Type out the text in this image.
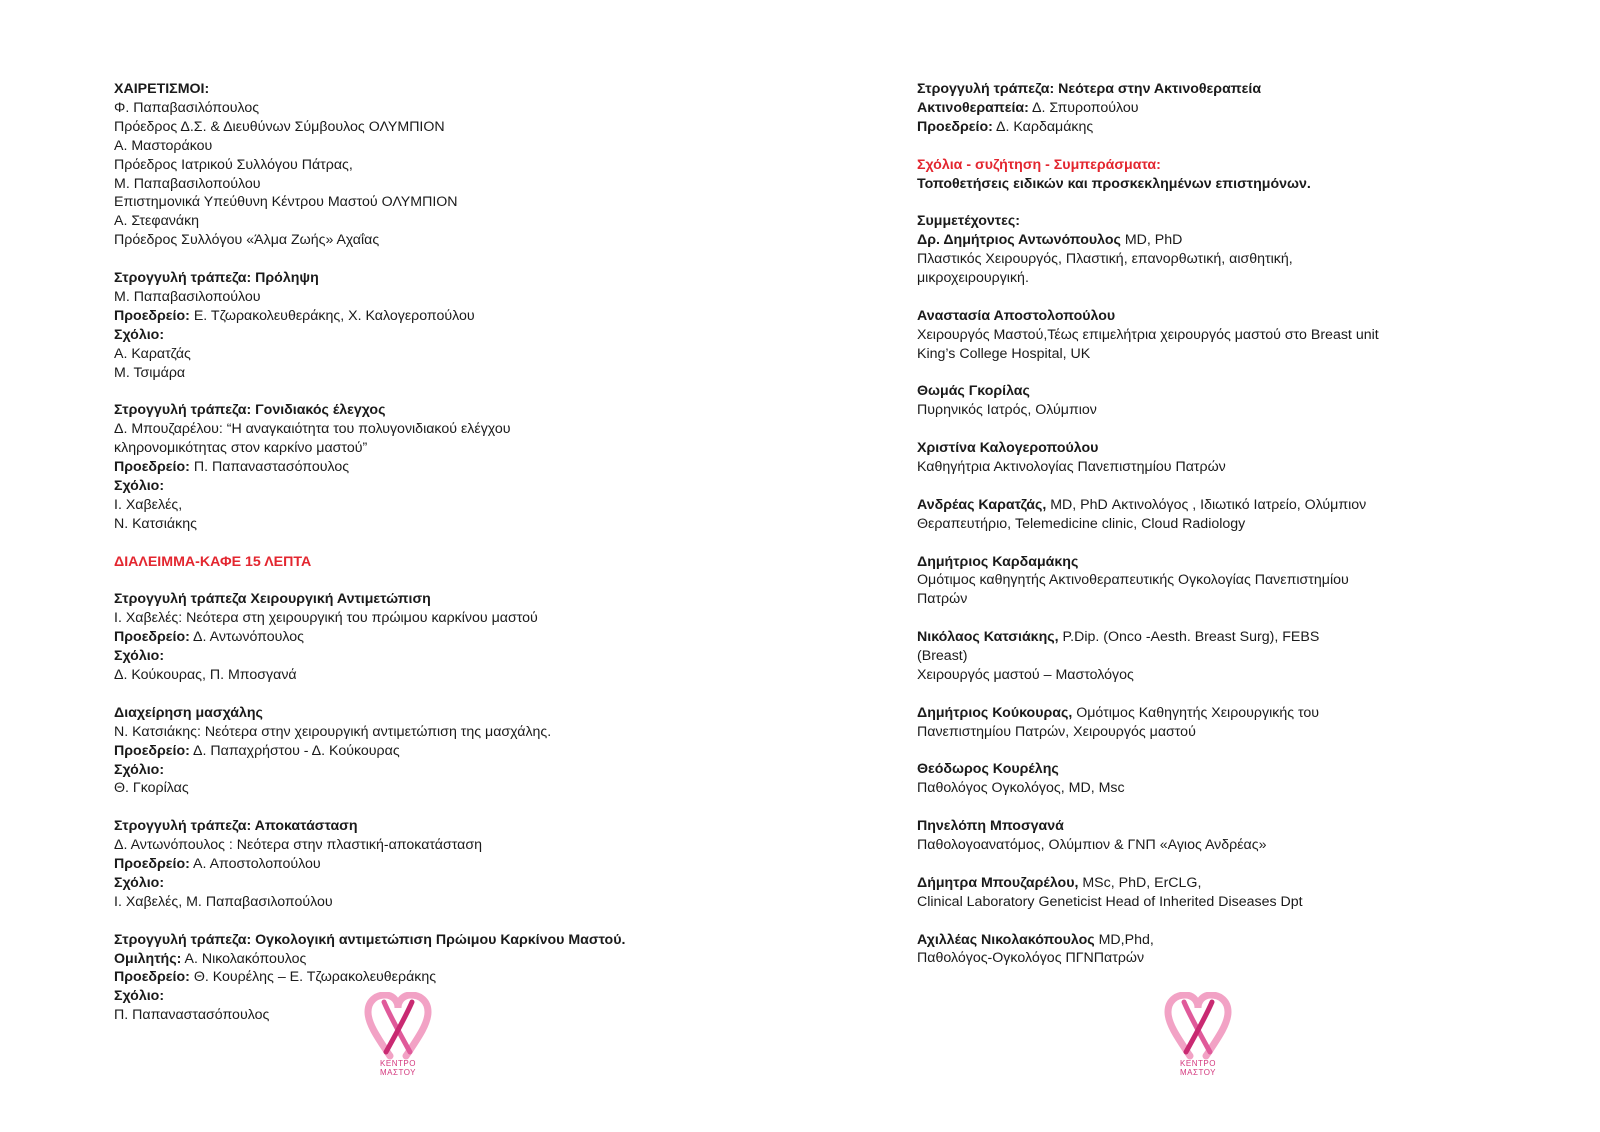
ΧΑΙΡΕΤΙΣΜΟΙ:
Φ. Παπαβασιλόπουλος
Πρόεδρος Δ.Σ. & Διευθύνων Σύμβουλος ΟΛΥΜΠΙΟΝ
Α. Μαστοράκου
Πρόεδρος Ιατρικού Συλλόγου Πάτρας,
Μ. Παπαβασιλοπούλου
Επιστημονικά Υπεύθυνη Κέντρου Μαστού ΟΛΥΜΠΙΟΝ
Α. Στεφανάκη
Πρόεδρος Συλλόγου «Άλμα Ζωής» Αχαΐας
Στρογγυλή τράπεζα: Πρόληψη
Μ. Παπαβασιλοπούλου
Προεδρείο: Ε. Τζωρακολευθεράκης, Χ. Καλογεροπούλου
Σχόλιο:
Α. Καρατζάς
Μ. Τσιμάρα
Στρογγυλή τράπεζα: Γονιδιακός έλεγχος
Δ. Μπουζαρέλου: “Η αναγκαιότητα του πολυγονιδιακού ελέγχου
κληρονομικότητας στον καρκίνο μαστού”
Προεδρείο: Π. Παπαναστασόπουλος
Σχόλιο:
Ι. Χαβελές,
Ν. Κατσιάκης
ΔΙΑΛΕΙΜΜΑ-ΚΑΦΕ 15 ΛΕΠΤΑ
Στρογγυλή τράπεζα Χειρουργική Αντιμετώπιση
Ι. Χαβελές: Νεότερα στη χειρουργική του πρώιμου καρκίνου μαστού
Προεδρείο: Δ. Αντωνόπουλος
Σχόλιο:
Δ. Κούκουρας, Π. Μποσγανά
Διαχείρηση μασχάλης
Ν. Κατσιάκης: Νεότερα στην χειρουργική αντιμετώπιση της μασχάλης.
Προεδρείο: Δ. Παπαχρήστου - Δ. Κούκουρας
Σχόλιο:
Θ. Γκορίλας
Στρογγυλή τράπεζα: Αποκατάσταση
Δ. Αντωνόπουλος : Νεότερα στην πλαστική-αποκατάσταση
Προεδρείο: Α. Αποστολοπούλου
Σχόλιο:
Ι. Χαβελές, Μ. Παπαβασιλοπούλου
Στρογγυλή τράπεζα: Ογκολογική αντιμετώπιση Πρώιμου Καρκίνου Μαστού.
Ομιλητής: Α. Νικολακόπουλος
Προεδρείο: Θ. Κουρέλης – Ε. Τζωρακολευθεράκης
Σχόλιο:
Π. Παπαναστασόπουλος
Στρογγυλή τράπεζα: Νεότερα στην Ακτινοθεραπεία
Ακτινοθεραπεία: Δ. Σπυροπούλου
Προεδρείο: Δ. Καρδαμάκης
Σχόλια - συζήτηση - Συμπεράσματα:
Τοποθετήσεις ειδικών και προσκεκλημένων επιστημόνων.
Συμμετέχοντες:
Δρ. Δημήτριος Αντωνόπουλος MD, PhD
Πλαστικός Χειρουργός, Πλαστική, επανορθωτική, αισθητική,
μικροχειρουργική.
Αναστασία Αποστολοπούλου
Χειρουργός Μαστού,Τέως επιμελήτρια χειρουργός μαστού στο Breast unit
King’s College Hospital, UK
Θωμάς Γκορίλας
Πυρηνικός Ιατρός, Ολύμπιον
Χριστίνα Καλογεροπούλου
Καθηγήτρια Ακτινολογίας Πανεπιστημίου Πατρών
Ανδρέας Καρατζάς, MD, PhD Ακτινολόγος , Ιδιωτικό Ιατρείο, Ολύμπιον
Θεραπευτήριο, Telemedicine clinic, Cloud Radiology
Δημήτριος Καρδαμάκης
Ομότιμος καθηγητής Ακτινοθεραπευτικής Ογκολογίας Πανεπιστημίου
Πατρών
Νικόλαος Κατσιάκης, P.Dip. (Onco -Aesth. Breast Surg), FEBS
(Breast)
Χειρουργός μαστού – Μαστολόγος
Δημήτριος Κούκουρας, Ομότιμος Καθηγητής Χειρουργικής του
Πανεπιστημίου Πατρών, Χειρουργός μαστού
Θεόδωρος Κουρέλης
Παθολόγος Ογκολόγος, MD, Msc
Πηνελόπη Μποσγανά
Παθολογοανατόμος, Ολύμπιον & ΓΝΠ «Αγιος Ανδρέας»
Δήμητρα Μπουζαρέλου, MSc, PhD, ErCLG,
Clinical Laboratory Geneticist Head of Inherited Diseases Dpt
Αχιλλέας Νικολακόπουλος MD,Phd,
Παθολόγος-Ογκολόγος ΠΓΝΠατρών
ΚΕΝΤΡΟ
ΜΑΣΤΟΥ
ΚΕΝΤΡΟ
ΜΑΣΤΟΥ
